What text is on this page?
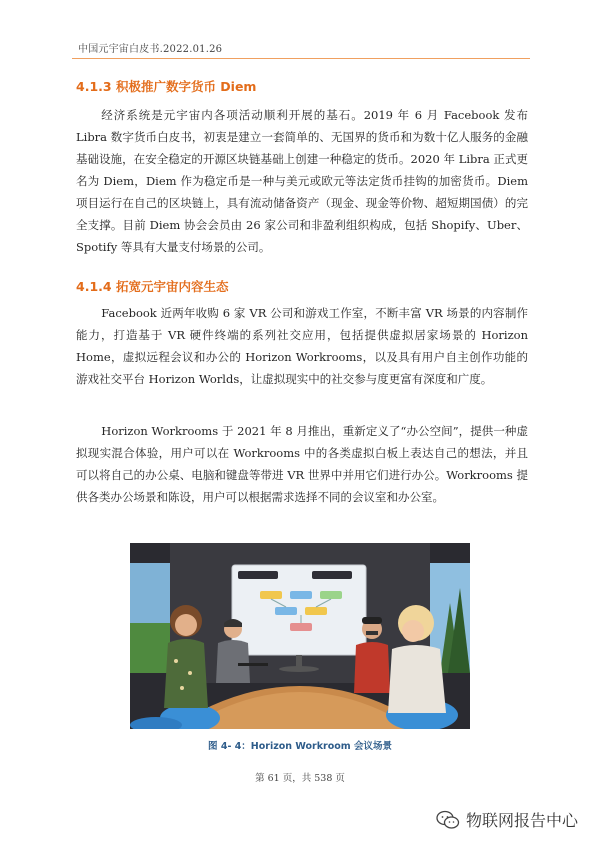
中国元宇宙白皮书.2022.01.26
4.1.3 积极推广数字货币 Diem
经济系统是元宇宙内各项活动顺利开展的基石。2019 年 6 月 Facebook 发布 Libra 数字货币白皮书，初衷是建立一套简单的、无国界的货币和为数十亿人服务的金融基础设施，在安全稳定的开源区块链基础上创建一种稳定的货币。2020 年 Libra 正式更名为 Diem，Diem 作为稳定币是一种与美元或欧元等法定货币挂钩的加密货币。Diem 项目运行在自己的区块链上，具有流动储备资产（现金、现金等价物、超短期国债）的完全支撑。目前 Diem 协会会员由 26 家公司和非盈利组织构成，包括 Shopify、Uber、Spotify 等具有大量支付场景的公司。
4.1.4 拓宽元宇宙内容生态
Facebook 近两年收购 6 家 VR 公司和游戏工作室，不断丰富 VR 场景的内容制作能力，打造基于 VR 硬件终端的系列社交应用，包括提供虚拟居家场景的 Horizon Home，虚拟远程会议和办公的 Horizon Workrooms，以及具有用户自主创作功能的游戏社交平台 Horizon Worlds，让虚拟现实中的社交参与度更富有深度和广度。
Horizon Workrooms 于 2021 年 8 月推出，重新定义了“办公空间”，提供一种虚拟现实混合体验，用户可以在 Workrooms 中的各类虚拟白板上表达自己的想法，并且可以将自己的办公桌、电脑和键盘等带进 VR 世界中并用它们进行办公。Workrooms 提供各类办公场景和陈设，用户可以根据需求选择不同的会议室和办公室。
图 4- 4：Horizon Workroom 会议场景
第 61 页，共 538 页
物联网报告中心
